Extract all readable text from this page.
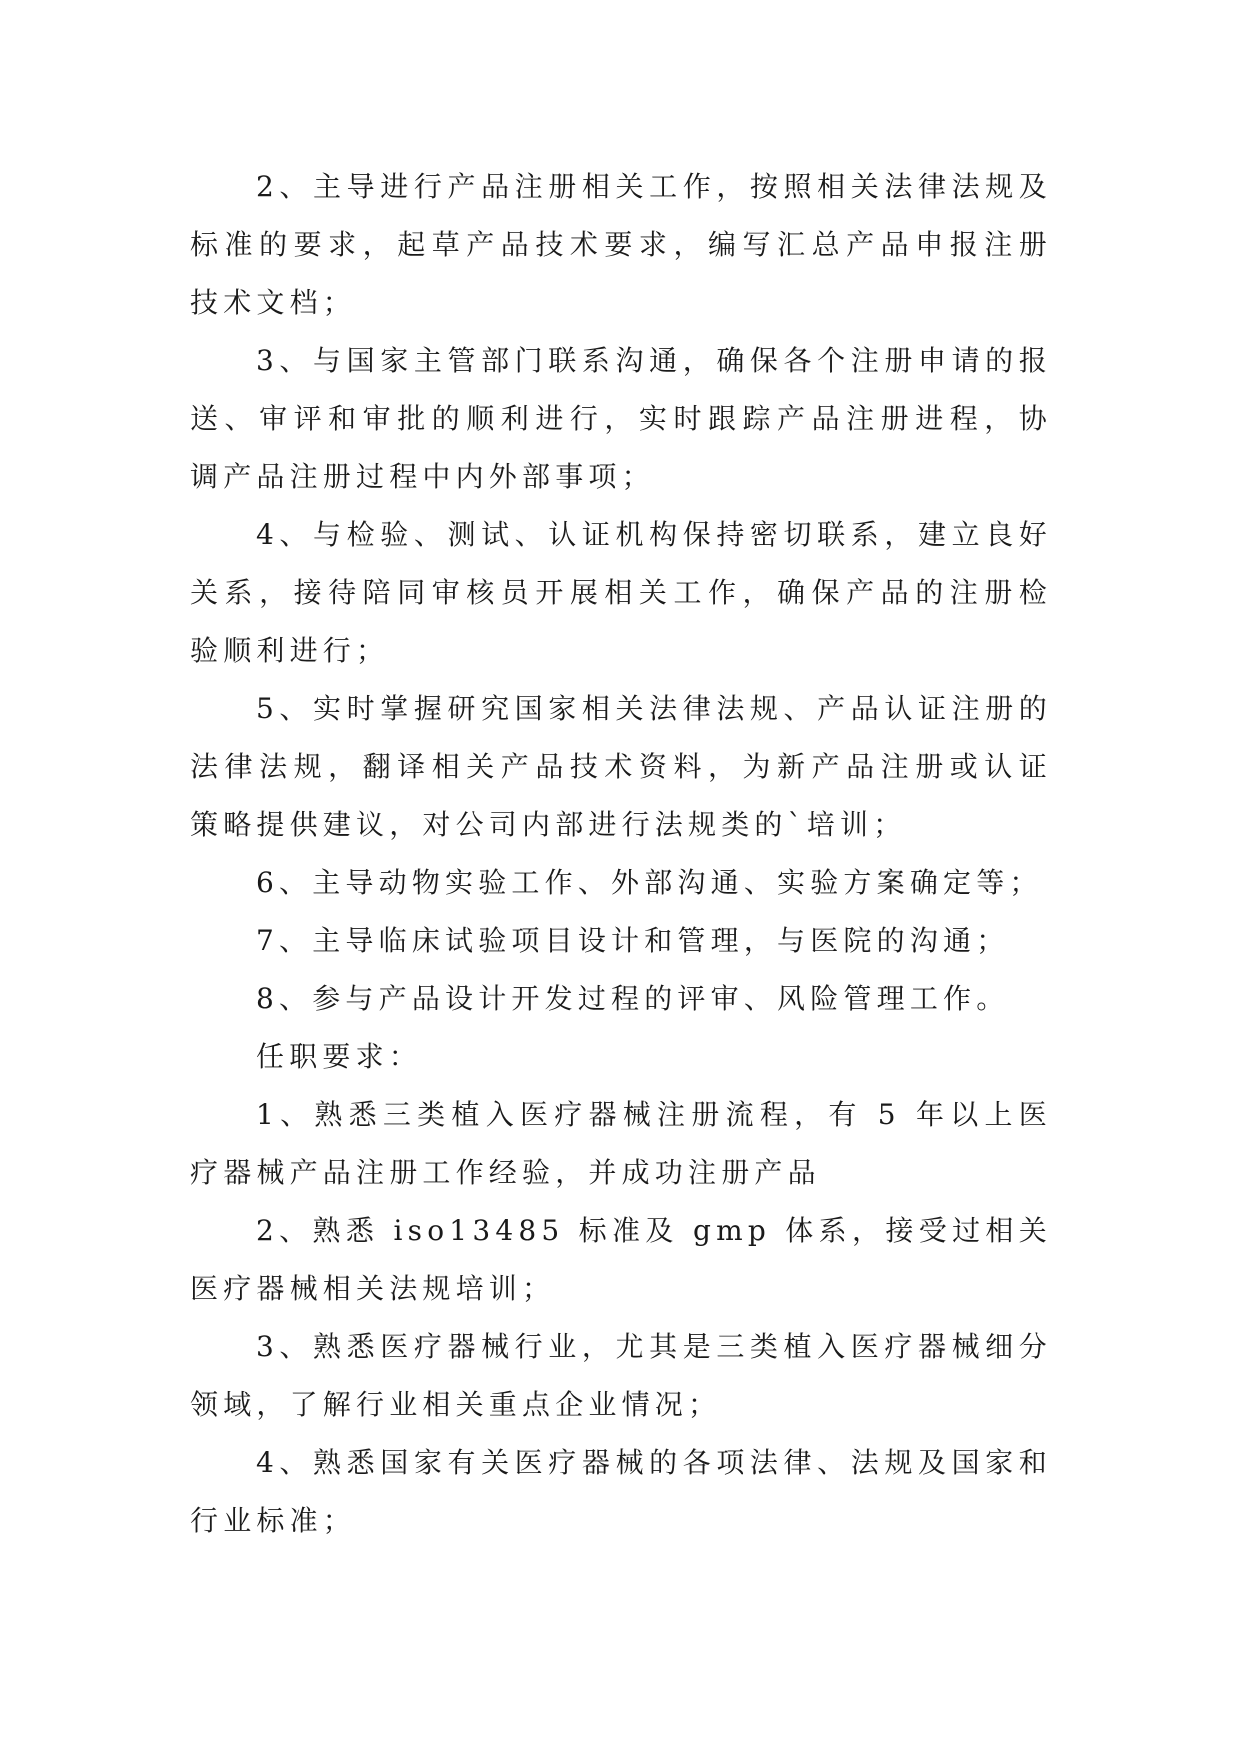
2、主导进行产品注册相关工作，按照相关法律法规及标准的要求，起草产品技术要求，编写汇总产品申报注册技术文档；

3、与国家主管部门联系沟通，确保各个注册申请的报送、审评和审批的顺利进行，实时跟踪产品注册进程，协调产品注册过程中内外部事项；

4、与检验、测试、认证机构保持密切联系，建立良好关系，接待陪同审核员开展相关工作，确保产品的注册检验顺利进行；

5、实时掌握研究国家相关法律法规、产品认证注册的法律法规，翻译相关产品技术资料，为新产品注册或认证策略提供建议，对公司内部进行法规类的`培训；

6、主导动物实验工作、外部沟通、实验方案确定等；

7、主导临床试验项目设计和管理，与医院的沟通；

8、参与产品设计开发过程的评审、风险管理工作。

任职要求：

1、熟悉三类植入医疗器械注册流程，有 5 年以上医疗器械产品注册工作经验，并成功注册产品

2、熟悉 iso13485 标准及 gmp 体系，接受过相关医疗器械相关法规培训；

3、熟悉医疗器械行业，尤其是三类植入医疗器械细分领域，了解行业相关重点企业情况；

4、熟悉国家有关医疗器械的各项法律、法规及国家和行业标准；
